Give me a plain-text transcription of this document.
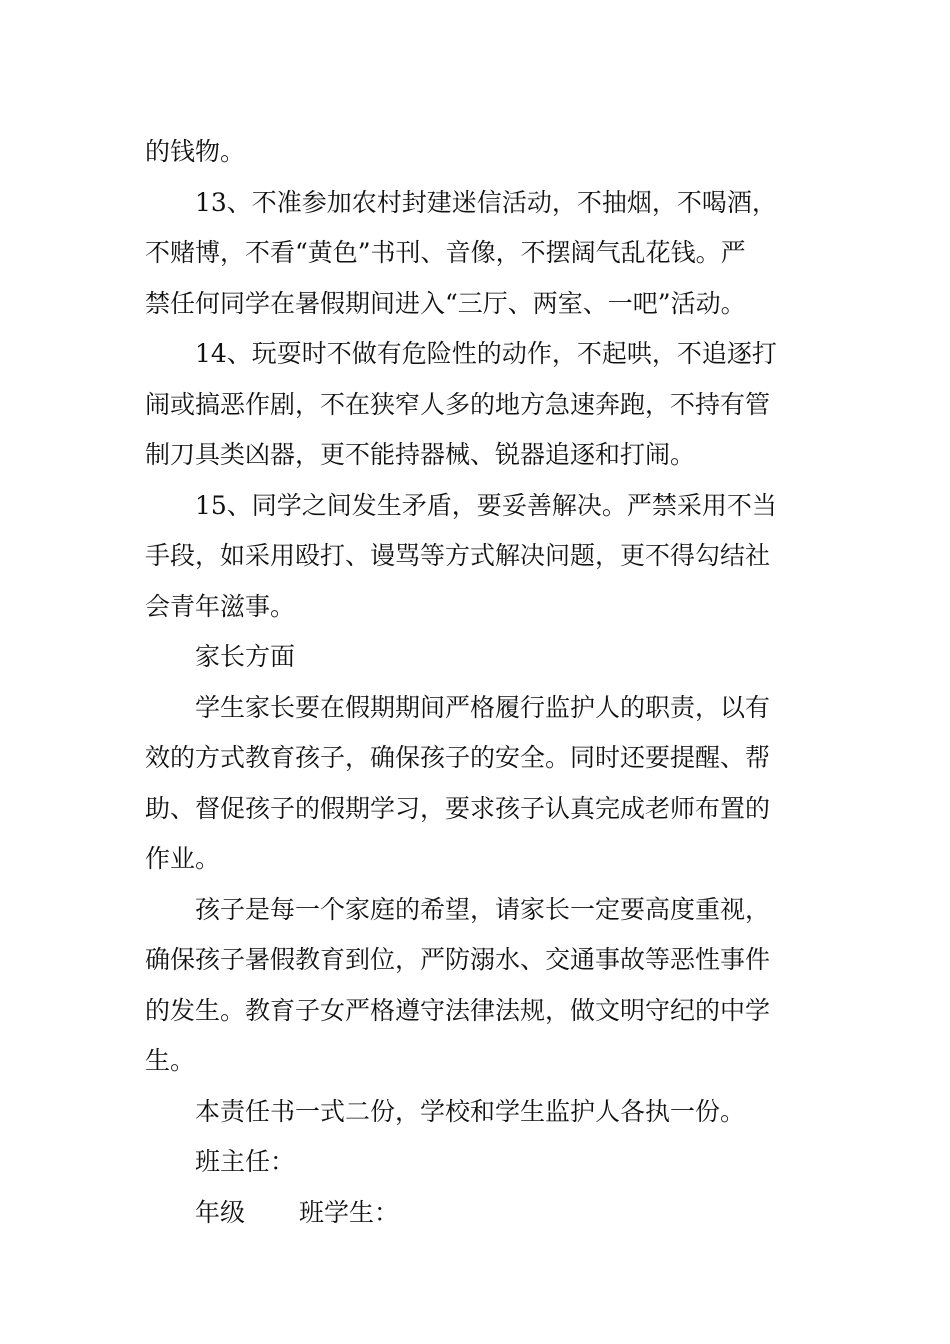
的钱物。
13、不准参加农村封建迷信活动，不抽烟，不喝酒，
不赌博，不看“黄色”书刊、音像，不摆阔气乱花钱。严
禁任何同学在暑假期间进入“三厅、两室、一吧”活动。
14、玩耍时不做有危险性的动作，不起哄，不追逐打
闹或搞恶作剧，不在狭窄人多的地方急速奔跑，不持有管
制刀具类凶器，更不能持器械、锐器追逐和打闹。
15、同学之间发生矛盾，要妥善解决。严禁采用不当
手段，如采用殴打、谩骂等方式解决问题，更不得勾结社
会青年滋事。
家长方面
学生家长要在假期期间严格履行监护人的职责，以有
效的方式教育孩子，确保孩子的安全。同时还要提醒、帮
助、督促孩子的假期学习，要求孩子认真完成老师布置的
作业。
孩子是每一个家庭的希望，请家长一定要高度重视，
确保孩子暑假教育到位，严防溺水、交通事故等恶性事件
的发生。教育子女严格遵守法律法规，做文明守纪的中学
生。
本责任书一式二份，学校和学生监护人各执一份。
班主任：
年级 班学生：
